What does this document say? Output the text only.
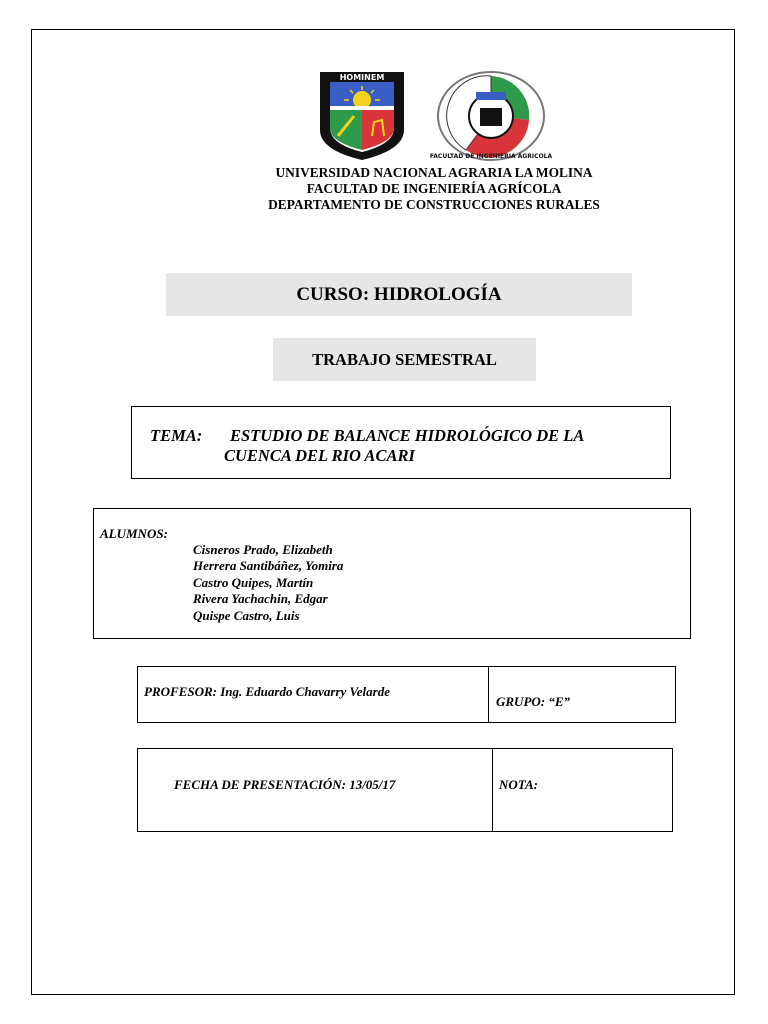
HOMINEM
FACULTAD DE INGENIERIA AGRICOLA
UNIVERSIDAD NACIONAL AGRARIA LA MOLINA
FACULTAD DE INGENIERÍA AGRÍCOLA
DEPARTAMENTO DE CONSTRUCCIONES RURALES
CURSO: HIDROLOGÍA
TRABAJO SEMESTRAL
TEMA: ESTUDIO DE BALANCE HIDROLÓGICO DE LA
CUENCA DEL RIO ACARI
ALUMNOS:
Cisneros Prado, Elizabeth
Herrera Santibáñez, Yomira
Castro Quipes, Martín
Rivera Yachachin, Edgar
Quispe Castro, Luis
PROFESOR: Ing. Eduardo Chavarry Velarde
GRUPO: “E”
FECHA DE PRESENTACIÓN: 13/05/17	NOTA:
